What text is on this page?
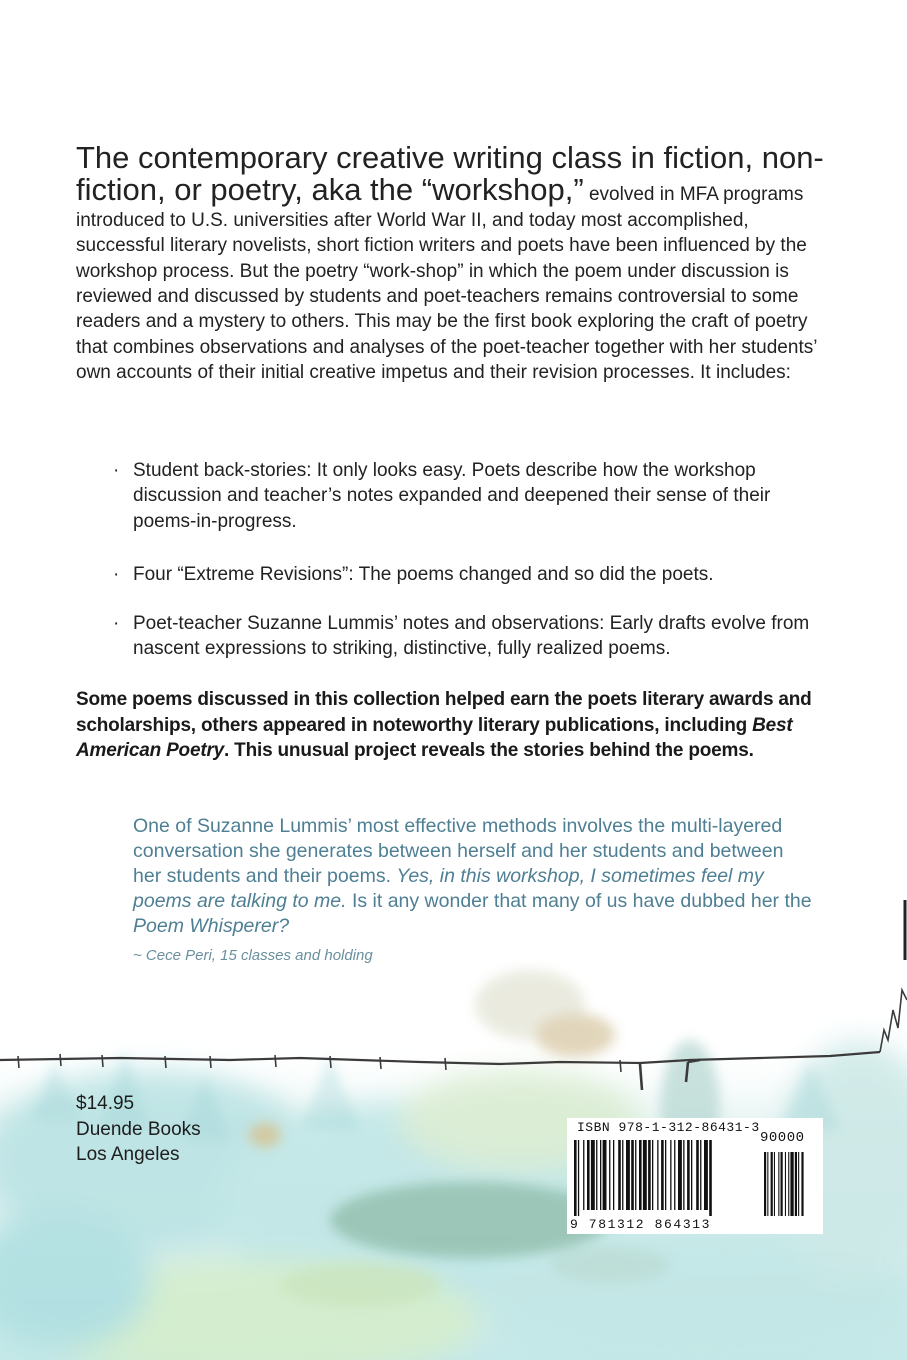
The contemporary creative writing class in fiction, non-fiction, or poetry, aka the “workshop,” evolved in MFA programs introduced to U.S. universities after World War II, and today most accomplished, successful literary novelists, short fiction writers and poets have been influenced by the workshop process. But the poetry “work-shop” in which the poem under discussion is reviewed and discussed by students and poet-teachers remains controversial to some readers and a mystery to others. This may be the first book exploring the craft of poetry that combines observations and analyses of the poet-teacher together with her students’ own accounts of their initial creative impetus and their revision processes. It includes:
· Student back-stories: It only looks easy. Poets describe how the workshop discussion and teacher’s notes expanded and deepened their sense of their poems-in-progress.
· Four “Extreme Revisions”: The poems changed and so did the poets.
· Poet-teacher Suzanne Lummis’ notes and observations: Early drafts evolve from nascent expressions to striking, distinctive, fully realized poems.
Some poems discussed in this collection helped earn the poets literary awards and scholarships, others appeared in noteworthy literary publications, including Best American Poetry. This unusual project reveals the stories behind the poems.
One of Suzanne Lummis’ most effective methods involves the multi-layered conversation she generates between herself and her students and between her students and their poems. Yes, in this workshop, I sometimes feel my poems are talking to me. Is it any wonder that many of us have dubbed her the Poem Whisperer?
~ Cece Peri, 15 classes and holding
$14.95
Duende Books
Los Angeles
ISBN 978-1-312-86431-3
90000
9 781312 864313
